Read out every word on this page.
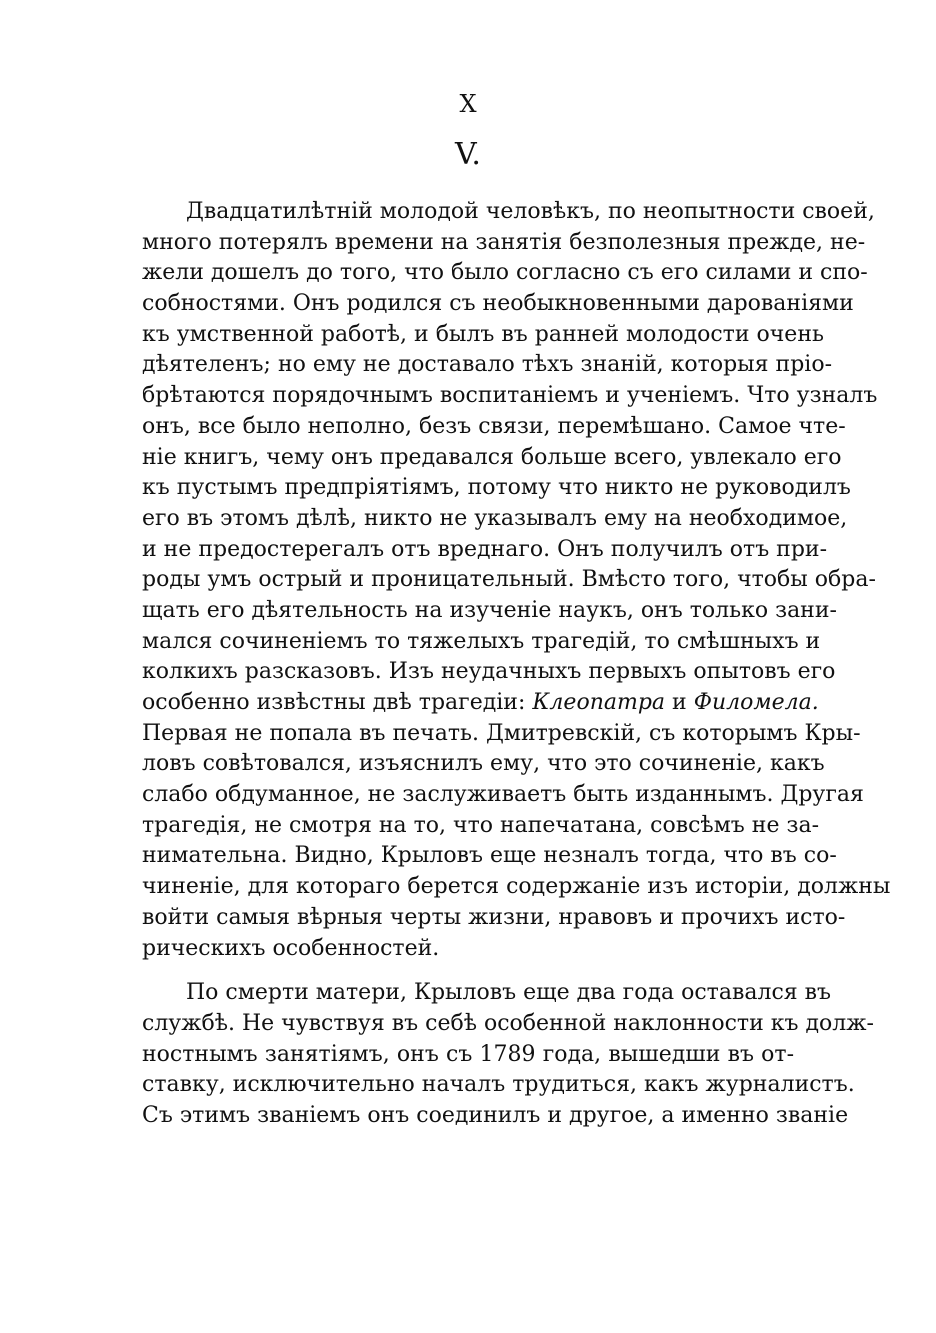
X
V.
Двадцатилѣтнiй молодой человѣкъ, по неопытности своей,
много потерялъ времени на занятiя безполезныя прежде, не-
жели дошелъ до того, что было согласно съ его силами и спо-
собностями. Онъ родился съ необыкновенными дарованiями
къ умственной работѣ, и былъ въ ранней молодости очень
дѣятеленъ; но ему не доставало тѣхъ знанiй, которыя прiо-
брѣтаются порядочнымъ воспитанiемъ и ученiемъ. Что узналъ
онъ, все было неполно, безъ связи, перемѣшано. Самое чте-
нiе книгъ, чему онъ предавался больше всего, увлекало его
къ пустымъ предпрiятiямъ, потому что никто не руководилъ
его въ этомъ дѣлѣ, никто не указывалъ ему на необходимое,
и не предостерегалъ отъ вреднаго. Онъ получилъ отъ при-
роды умъ острый и проницательный. Вмѣсто того, чтобы обра-
щать его дѣятельность на изученiе наукъ, онъ только зани-
мался сочиненiемъ то тяжелыхъ трагедiй, то смѣшныхъ и
колкихъ разсказовъ. Изъ неудачныхъ первыхъ опытовъ его
особенно извѣстны двѣ трагедiи: Клеопатра и Филомела.
Первая не попала въ печать. Дмитревскiй, съ которымъ Кры-
ловъ совѣтовался, изъяснилъ ему, что это сочиненiе, какъ
слабо обдуманное, не заслуживаетъ быть изданнымъ. Другая
трагедiя, не смотря на то, что напечатана, совсѣмъ не за-
нимательна. Видно, Крыловъ еще незналъ тогда, что въ со-
чиненiе, для котораго берется содержанiе изъ исторiи, должны
войти самыя вѣрныя черты жизни, нравовъ и прочихъ исто-
рическихъ особенностей.
По смерти матери, Крыловъ еще два года оставался въ
службѣ. Не чувствуя въ себѣ особенной наклонности къ долж-
ностнымъ занятiямъ, онъ съ 1789 года, вышедши въ от-
ставку, исключительно началъ трудиться, какъ журналистъ.
Съ этимъ званiемъ онъ соединилъ и другое, а именно званiе
